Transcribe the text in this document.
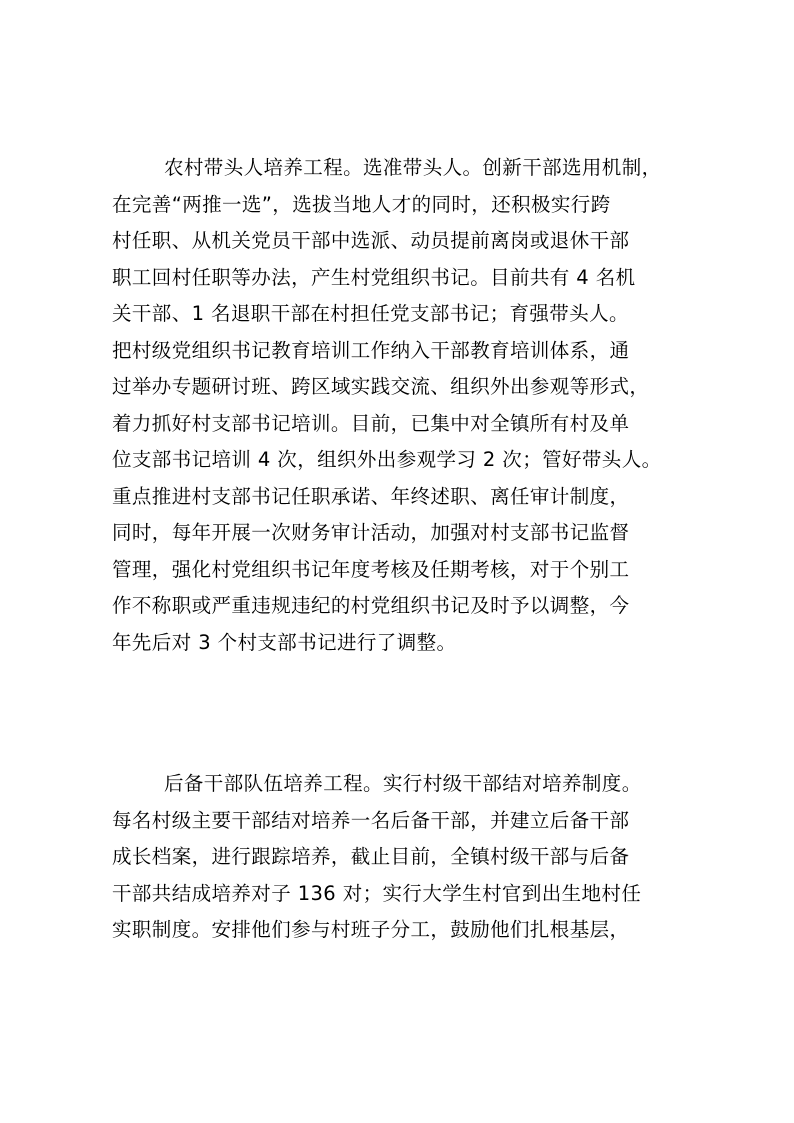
农村带头人培养工程。选准带头人。创新干部选用机制，
在完善“两推一选”，选拔当地人才的同时，还积极实行跨
村任职、从机关党员干部中选派、动员提前离岗或退休干部
职工回村任职等办法，产生村党组织书记。目前共有 4 名机
关干部、1 名退职干部在村担任党支部书记；育强带头人。
把村级党组织书记教育培训工作纳入干部教育培训体系，通
过举办专题研讨班、跨区域实践交流、组织外出参观等形式，
着力抓好村支部书记培训。目前，已集中对全镇所有村及单
位支部书记培训 4 次，组织外出参观学习 2 次；管好带头人。
重点推进村支部书记任职承诺、年终述职、离任审计制度，
同时，每年开展一次财务审计活动，加强对村支部书记监督
管理，强化村党组织书记年度考核及任期考核，对于个别工
作不称职或严重违规违纪的村党组织书记及时予以调整，今
年先后对 3 个村支部书记进行了调整。
后备干部队伍培养工程。实行村级干部结对培养制度。
每名村级主要干部结对培养一名后备干部，并建立后备干部
成长档案，进行跟踪培养，截止目前，全镇村级干部与后备
干部共结成培养对子 136 对；实行大学生村官到出生地村任
实职制度。安排他们参与村班子分工，鼓励他们扎根基层，
